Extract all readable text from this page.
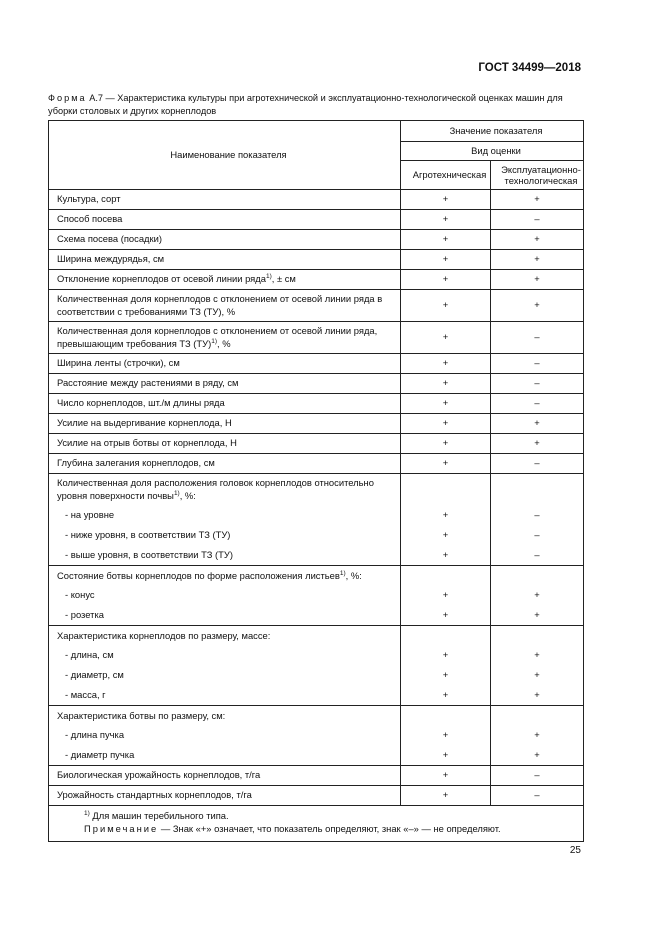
ГОСТ 34499—2018
Форма А.7 — Характеристика культуры при агротехнической и эксплуатационно-технологической оценках машин для уборки столовых и других корнеплодов
Наименование показателя	Значение показателя	
	Вид оценки	
	Агротехническая	Эксплуатационно-технологическая
Культура, сорт	+	+
Способ посева	+	–
Схема посева (посадки)	+	+
Ширина междурядья, см	+	+
Отклонение корнеплодов от осевой линии ряда$^{1)}$, ± см	+	+
Количественная доля корнеплодов с отклонением от осевой линии ряда в соответствии с требованиями ТЗ (ТУ), %	+	+
Количественная доля корнеплодов с отклонением от осевой линии ряда, превышающим требования ТЗ (ТУ)$^{1)}$, %	+	–
Ширина ленты (строчки), см	+	–
Расстояние между растениями в ряду, см	+	–
Число корнеплодов, шт./м длины ряда	+	–
Усилие на выдергивание корнеплода, Н	+	+
Усилие на отрыв ботвы от корнеплода, Н	+	+
Глубина залегания корнеплодов, см	+	–
Количественная доля расположения головок корнеплодов относительно уровня поверхности почвы$^{1)}$, %:		
- на уровне	+	–
- ниже уровня, в соответствии ТЗ (ТУ)	+	–
- выше уровня, в соответствии ТЗ (ТУ)	+	–
Состояние ботвы корнеплодов по форме расположения листьев$^{1)}$, %:		
- конус	+	+
- розетка	+	+
Характеристика корнеплодов по размеру, массе:		
- длина, см	+	+
- диаметр, см	+	+
- масса, г	+	+
Характеристика ботвы по размеру, см:		
- длина пучка	+	+
- диаметр пучка	+	+
Биологическая урожайность корнеплодов, т/га	+	–
Урожайность стандартных корнеплодов, т/га	+	–

$^{1)}$ Для машин теребильного типа.
Примечание — Знак «+» означает, что показатель определяют, знак «–» — не определяют.		
25
